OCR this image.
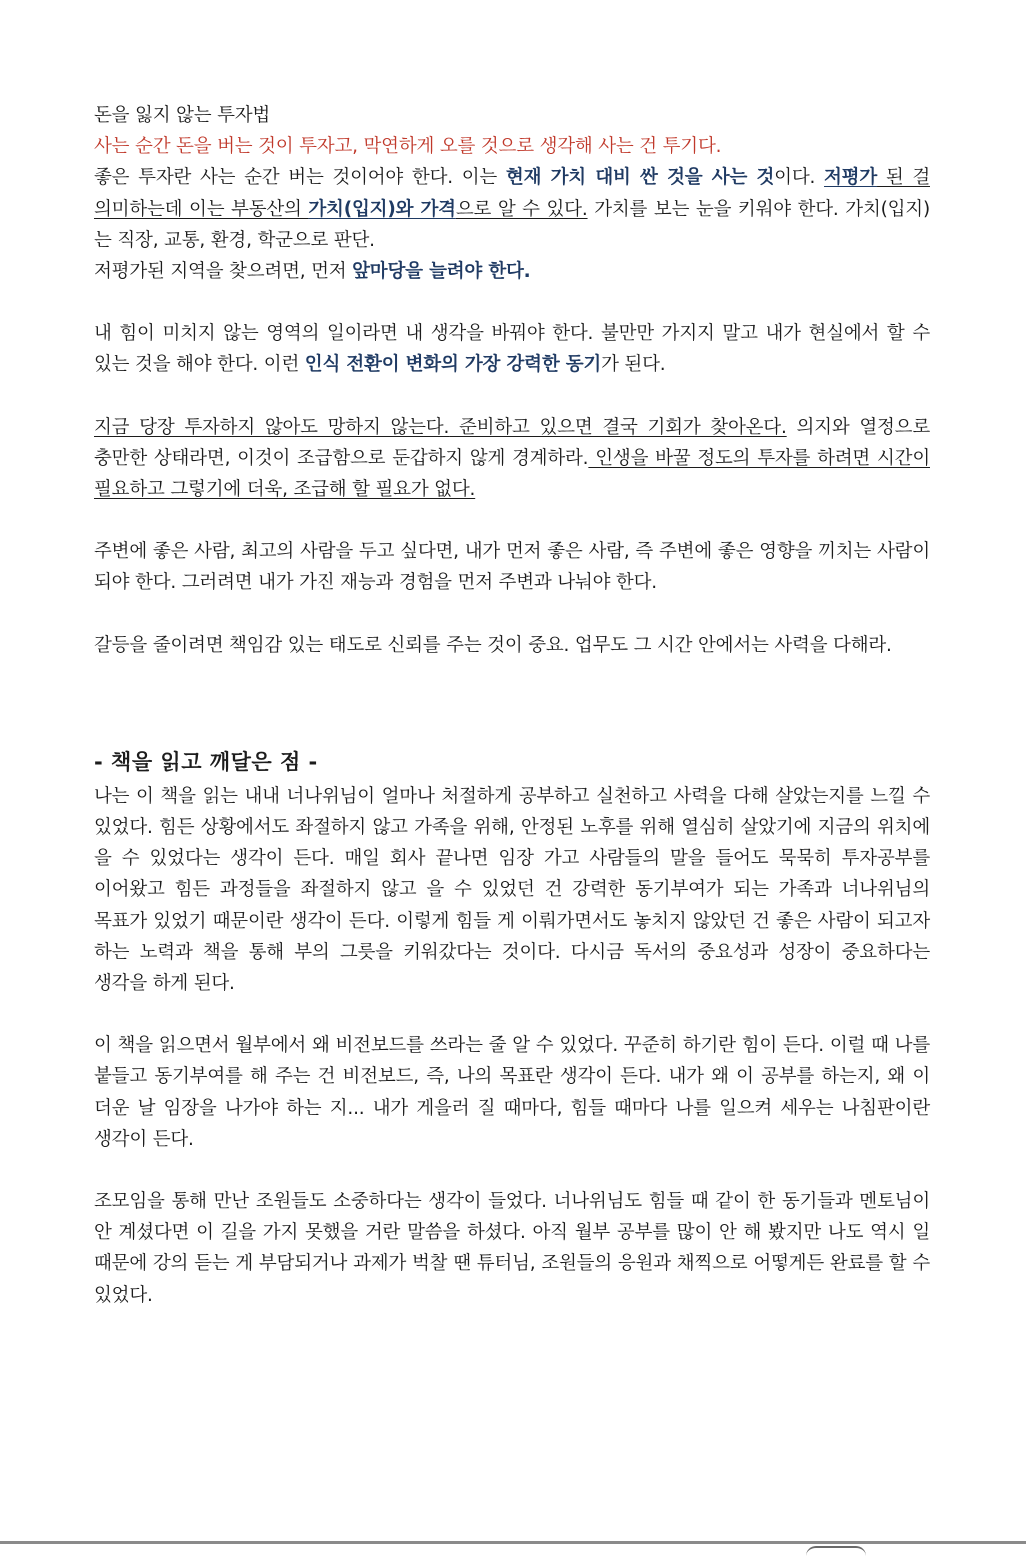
돈을 잃지 않는 투자법

사는 순간 돈을 버는 것이 투자고, 막연하게 오를 것으로 생각해 사는 건 투기다.

좋은 투자란 사는 순간 버는 것이어야 한다. 이는 현재 가치 대비 싼 것을 사는 것이다. 저평가 된 걸 의미하는데 이는 부동산의 가치(입지)와 가격으로 알 수 있다. 가치를 보는 눈을 키워야 한다. 가치(입지)는 직장, 교통, 환경, 학군으로 판단.

저평가된 지역을 찾으려면, 먼저 앞마당을 늘려야 한다.

내 힘이 미치지 않는 영역의 일이라면 내 생각을 바꿔야 한다. 불만만 가지지 말고 내가 현실에서 할 수 있는 것을 해야 한다. 이런 인식 전환이 변화의 가장 강력한 동기가 된다.

지금 당장 투자하지 않아도 망하지 않는다. 준비하고 있으면 결국 기회가 찾아온다. 의지와 열정으로 충만한 상태라면, 이것이 조급함으로 둔갑하지 않게 경계하라. 인생을 바꿀 정도의 투자를 하려면 시간이 필요하고 그렇기에 더욱, 조급해 할 필요가 없다.

주변에 좋은 사람, 최고의 사람을 두고 싶다면, 내가 먼저 좋은 사람, 즉 주변에 좋은 영향을 끼치는 사람이 되야 한다. 그러려면 내가 가진 재능과 경험을 먼저 주변과 나눠야 한다.

갈등을 줄이려면 책임감 있는 태도로 신뢰를 주는 것이 중요. 업무도 그 시간 안에서는 사력을 다해라.

- 책을 읽고 깨달은 점 -

나는 이 책을 읽는 내내 너나위님이 얼마나 처절하게 공부하고 실천하고 사력을 다해 살았는지를 느낄 수 있었다. 힘든 상황에서도 좌절하지 않고 가족을 위해, 안정된 노후를 위해 열심히 살았기에 지금의 위치에 을 수 있었다는 생각이 든다. 매일 회사 끝나면 임장 가고 사람들의 말을 들어도 묵묵히 투자공부를 이어왔고 힘든 과정들을 좌절하지 않고 을 수 있었던 건 강력한 동기부여가 되는 가족과 너나위님의 목표가 있었기 때문이란 생각이 든다. 이렇게 힘들 게 이뤄가면서도 놓치지 않았던 건 좋은 사람이 되고자 하는 노력과 책을 통해 부의 그릇을 키워갔다는 것이다. 다시금 독서의 중요성과 성장이 중요하다는 생각을 하게 된다.

이 책을 읽으면서 월부에서 왜 비전보드를 쓰라는 줄 알 수 있었다. 꾸준히 하기란 힘이 든다. 이럴 때 나를 붙들고 동기부여를 해 주는 건 비전보드, 즉, 나의 목표란 생각이 든다. 내가 왜 이 공부를 하는지, 왜 이 더운 날 임장을 나가야 하는 지... 내가 게을러 질 때마다, 힘들 때마다 나를 일으켜 세우는 나침판이란 생각이 든다.

조모임을 통해 만난 조원들도 소중하다는 생각이 들었다. 너나위님도 힘들 때 같이 한 동기들과 멘토님이 안 계셨다면 이 길을 가지 못했을 거란 말씀을 하셨다. 아직 월부 공부를 많이 안 해 봤지만 나도 역시 일 때문에 강의 듣는 게 부담되거나 과제가 벅찰 땐 튜터님, 조원들의 응원과 채찍으로 어떻게든 완료를 할 수 있었다.
